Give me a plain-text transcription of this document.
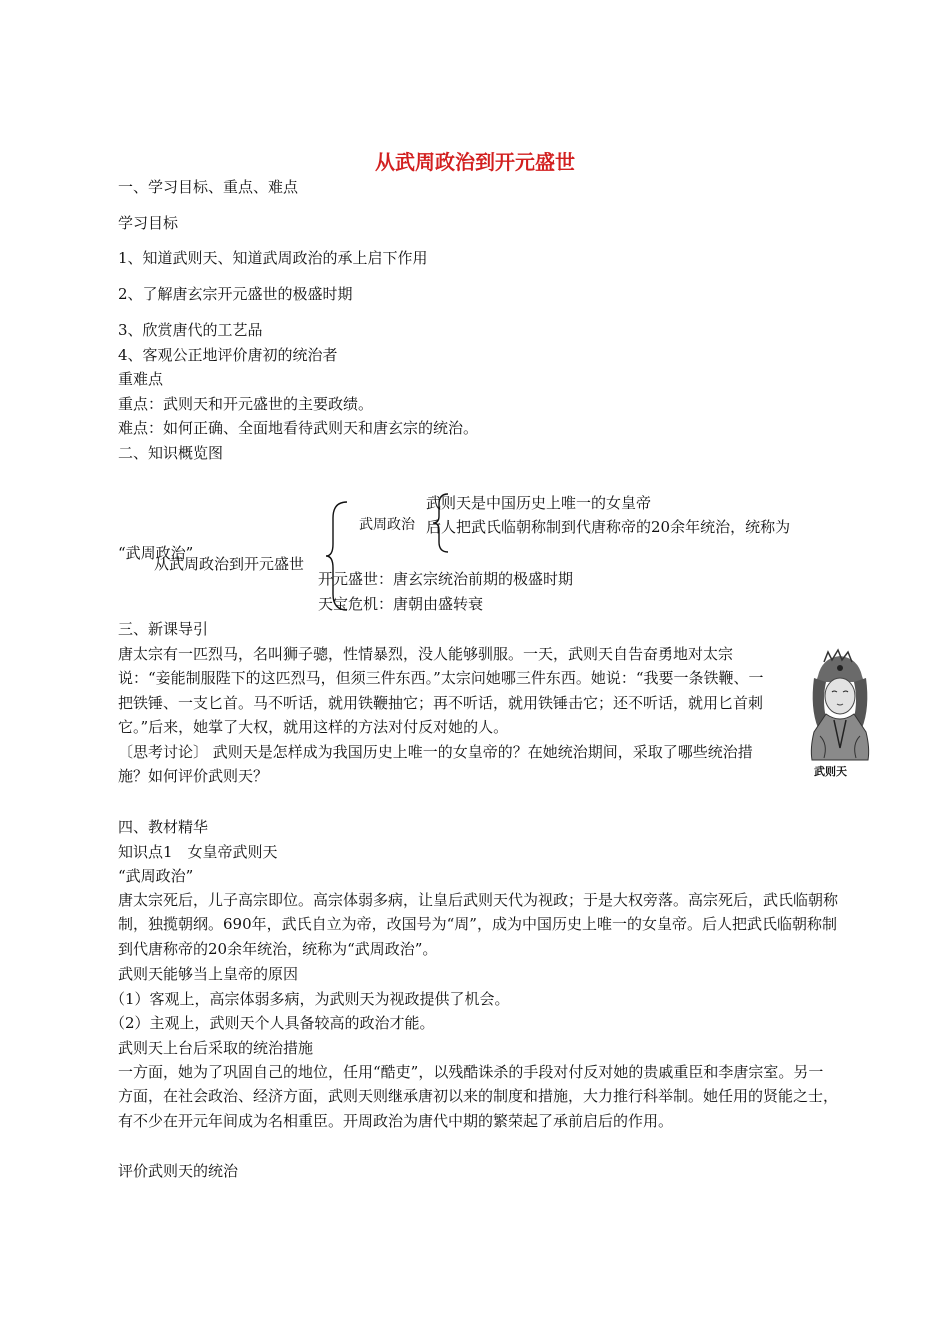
从武周政治到开元盛世
一、学习目标、重点、难点
学习目标
1、知道武则天、知道武周政治的承上启下作用
2、了解唐玄宗开元盛世的极盛时期
3、欣赏唐代的工艺品
4、客观公正地评价唐初的统治者
重难点
重点：武则天和开元盛世的主要政绩。
难点：如何正确、全面地看待武则天和唐玄宗的统治。
二、知识概览图
武则天是中国历史上唯一的女皇帝
后人把武氏临朝称制到代唐称帝的20余年统治，统称为
武周政治
“武周政治”
从武周政治到开元盛世
开元盛世：唐玄宗统治前期的极盛时期
天宝危机：唐朝由盛转衰
三、新课导引

唐太宗有一匹烈马，名叫狮子骢，性情暴烈，没人能够驯服。一天，武则天自告奋勇地对太宗说：“妾能制服陛下的这匹烈马，但须三件东西。”太宗问她哪三件东西。她说：“我要一条铁鞭、一把铁锤、一支匕首。马不听话，就用铁鞭抽它；再不听话，就用铁锤击它；还不听话，就用匕首刺它。”后来，她掌了大权，就用这样的方法对付反对她的人。

〔思考讨论〕 武则天是怎样成为我国历史上唯一的女皇帝的？在她统治期间，采取了哪些统治措施？如何评价武则天？	武则天
四、教材精华
知识点1　女皇帝武则天
“武周政治”

唐太宗死后，儿子高宗即位。高宗体弱多病，让皇后武则天代为视政；于是大权旁落。高宗死后，武氏临朝称制，独揽朝纲。690年，武氏自立为帝，改国号为“周”，成为中国历史上唯一的女皇帝。后人把武氏临朝称制到代唐称帝的20余年统治，统称为“武周政治”。

武则天能够当上皇帝的原因
（1）客观上，高宗体弱多病，为武则天为视政提供了机会。
（2）主观上，武则天个人具备较高的政治才能。
武则天上台后采取的统治措施

一方面，她为了巩固自己的地位，任用“酷吏”，以残酷诛杀的手段对付反对她的贵戚重臣和李唐宗室。另一方面，在社会政治、经济方面，武则天则继承唐初以来的制度和措施，大力推行科举制。她任用的贤能之士，有不少在开元年间成为名相重臣。开周政治为唐代中期的繁荣起了承前启后的作用。

评价武则天的统治
